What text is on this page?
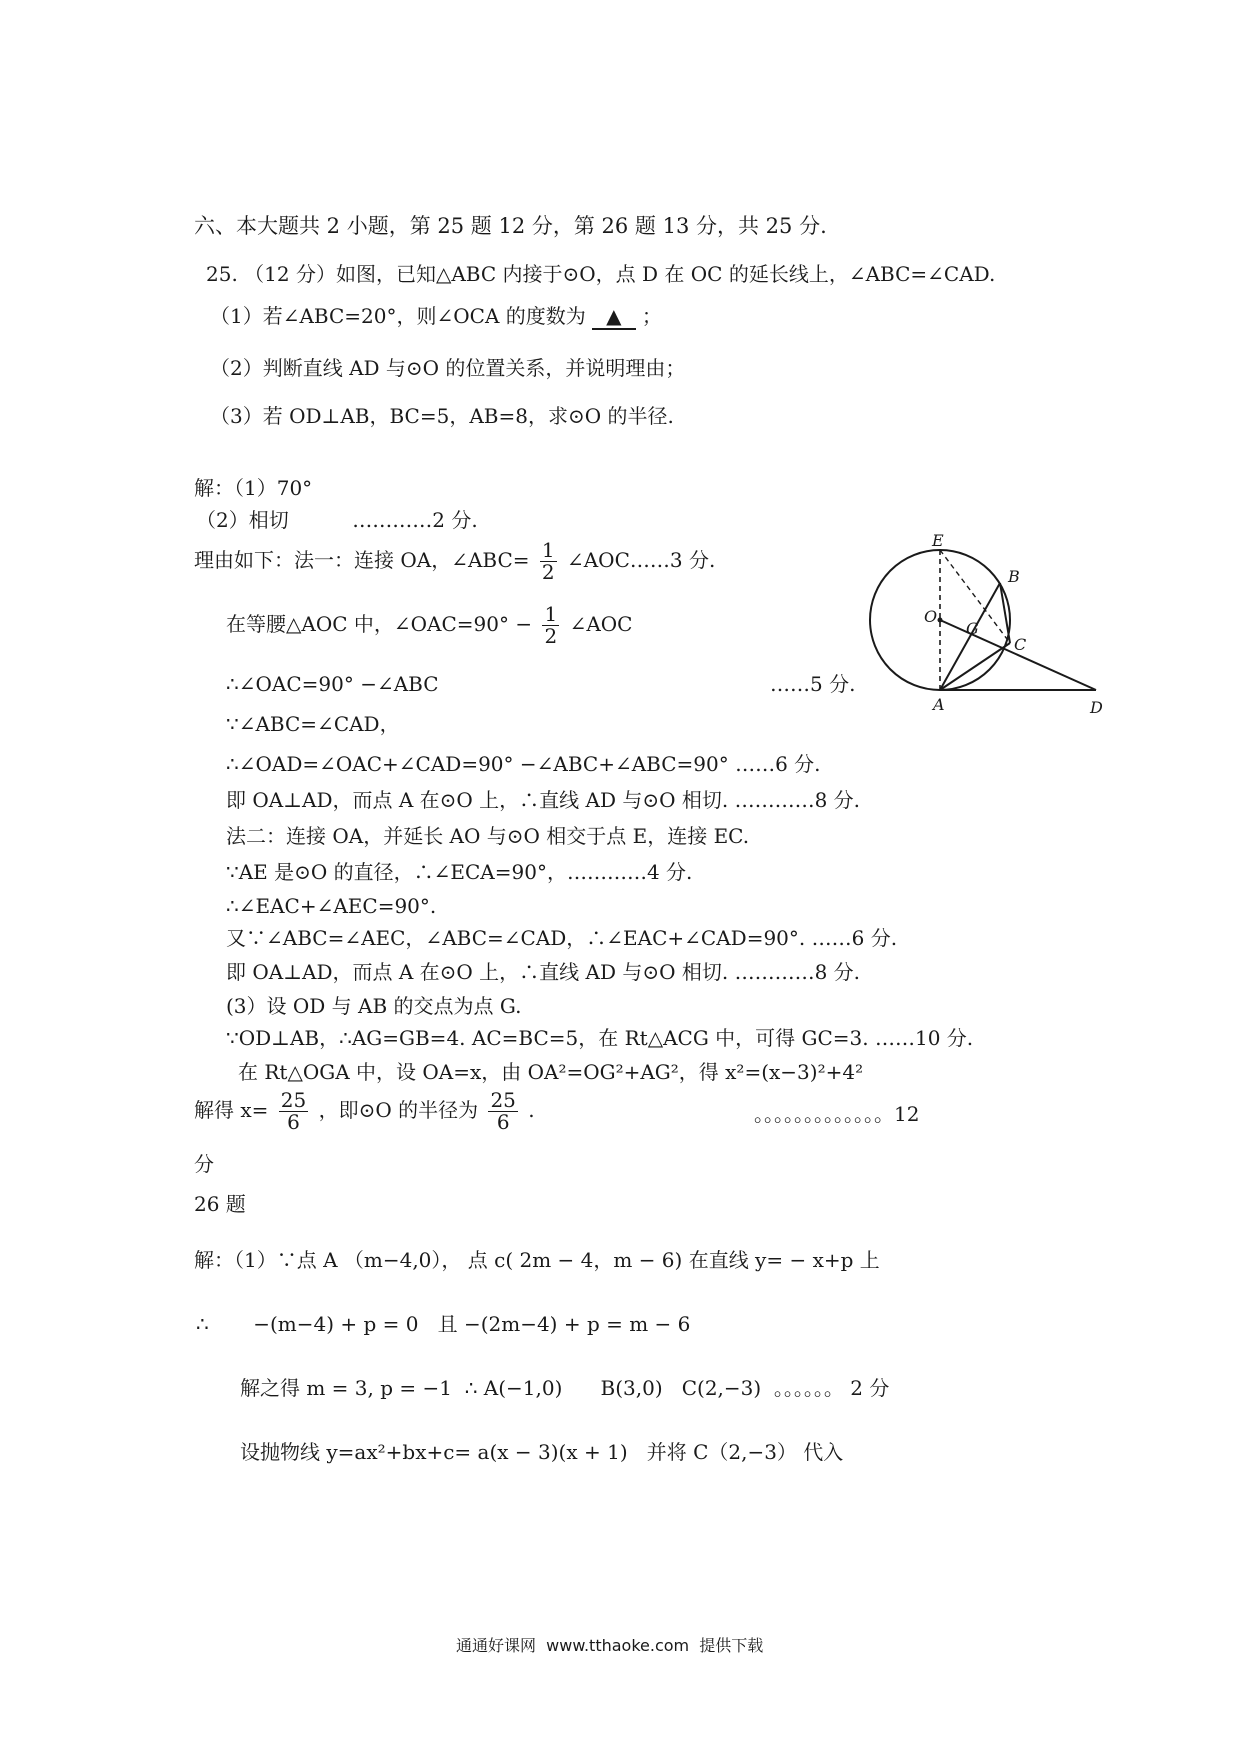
六、本大题共 2 小题，第 25 题 12 分，第 26 题 13 分，共 25 分.
25. （12 分）如图，已知△ABC 内接于⊙O，点 D 在 OC 的延长线上，∠ABC=∠CAD.
（1）若∠ABC=20°，则∠OCA 的度数为 ▲ ；
（2）判断直线 AD 与⊙O 的位置关系，并说明理由；
（3）若 OD⊥AB，BC=5，AB=8，求⊙O 的半径.
解：（1）70°
（2）相切          …………2 分.
理由如下：法一：连接 OA，∠ABC= $\frac{1}{2}$ ∠AOC……3 分.
在等腰△AOC 中，∠OAC=90° − $\frac{1}{2}$ ∠AOC
∴∠OAC=90° −∠ABC	……5 分.
∵∠ABC=∠CAD，
∴∠OAD=∠OAC+∠CAD=90° −∠ABC+∠ABC=90° ……6 分.
即 OA⊥AD，而点 A 在⊙O 上，∴直线 AD 与⊙O 相切. …………8 分.
法二：连接 OA，并延长 AO 与⊙O 相交于点 E，连接 EC.
∵AE 是⊙O 的直径，∴∠ECA=90°，…………4 分.
∴∠EAC+∠AEC=90°.
又∵∠ABC=∠AEC，∠ABC=∠CAD，∴∠EAC+∠CAD=90°. ……6 分.
即 OA⊥AD，而点 A 在⊙O 上，∴直线 AD 与⊙O 相切. …………8 分.
(3）设 OD 与 AB 的交点为点 G.
∵OD⊥AB，∴AG=GB=4. AC=BC=5，在 Rt△ACG 中，可得 GC=3. ……10 分.
在 Rt△OGA 中，设 OA=x，由 OA²=OG²+AG²，得 x²=(x−3)²+4²
解得 $x= \frac{25}{6}$ ，即⊙O 的半径为 $\frac{25}{6}$ .	。。。。。。。。。。。。。12
分
26 题
解：（1）∵点 A （m−4,0）， 点 c( 2m − 4，m − 6) 在直线 y= − x+p 上
∴       −(m−4) + p = 0   且 −(2m−4) + p = m − 6
解之得 m = 3, p = −1  ∴ A(−1,0)      B(3,0)   C(2,−3)  。。。。。。 2 分
设抛物线 y=ax²+bx+c= a(x − 3)(x + 1)   并将 C（2,−3） 代入
通通好课网  www.tthaoke.com  提供下载
E
B
O
G
C
A	D
